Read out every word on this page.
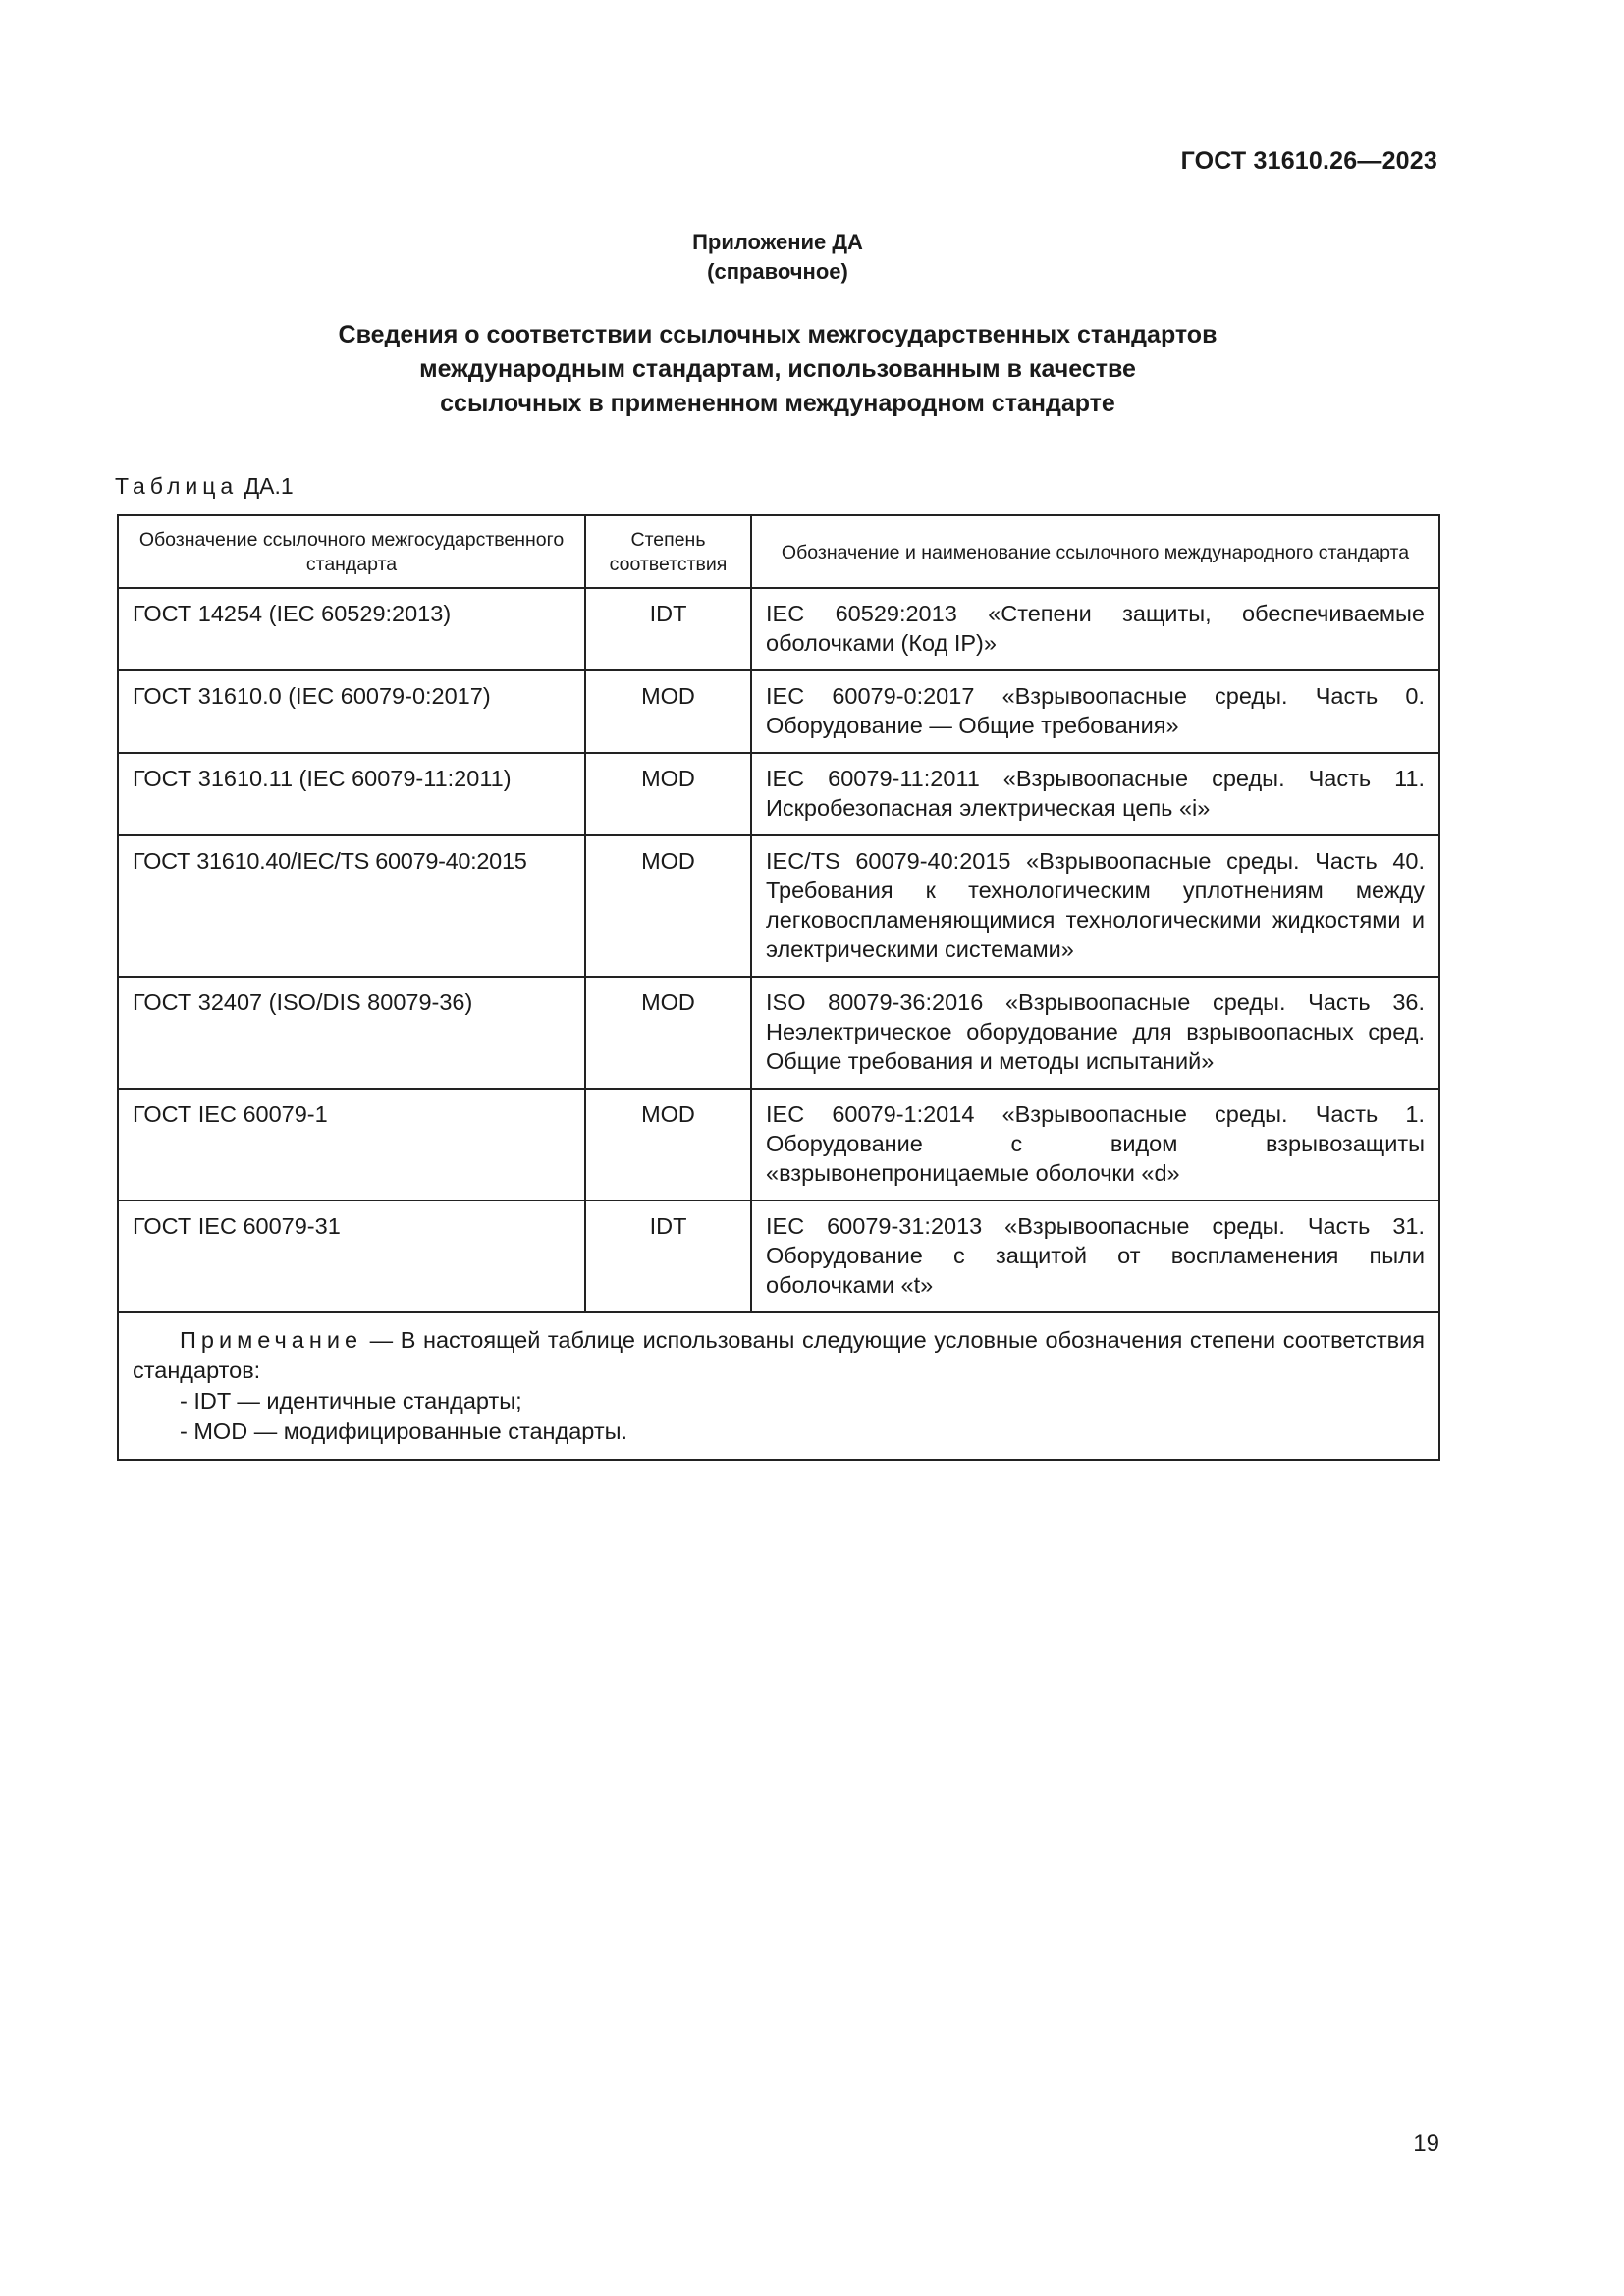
ГОСТ 31610.26—2023
Приложение ДА
(справочное)
Сведения о соответствии ссылочных межгосударственных стандартов
международным стандартам, использованным в качестве
ссылочных в примененном международном стандарте
Таблица ДА.1
Обозначение ссылочного межгосударственного стандарта	Степень соответствия	Обозначение и наименование ссылочного международного стандарта
ГОСТ 14254 (IEC 60529:2013)	IDT	IEC 60529:2013 «Степени защиты, обеспечиваемые оболочками (Код IP)»
ГОСТ 31610.0 (IEC 60079-0:2017)	MOD	IEC 60079-0:2017 «Взрывоопасные среды. Часть 0. Оборудование — Общие требования»
ГОСТ 31610.11 (IEC 60079-11:2011)	MOD	IEC 60079-11:2011 «Взрывоопасные среды. Часть 11. Искробезопасная электрическая цепь «i»
ГОСТ 31610.40/IEC/TS 60079-40:2015	MOD	IEC/TS 60079-40:2015 «Взрывоопасные среды. Часть 40. Требования к технологическим уплотнениям между легковоспламеняющимися технологическими жидкостями и электрическими системами»
ГОСТ 32407 (ISO/DIS 80079-36)	MOD	ISO 80079-36:2016 «Взрывоопасные среды. Часть 36. Неэлектрическое оборудование для взрывоопасных сред. Общие требования и методы испытаний»
ГОСТ IEC 60079-1	MOD	IEC 60079-1:2014 «Взрывоопасные среды. Часть 1. Оборудование с видом взрывозащиты «взрывонепроницаемые оболочки «d»
ГОСТ IEC 60079-31	IDT	IEC 60079-31:2013 «Взрывоопасные среды. Часть 31. Оборудование с защитой от воспламенения пыли оболочками «t»

Примечание — В настоящей таблице использованы следующие условные обозначения степени соответствия стандартов:
- IDT — идентичные стандарты;
- MOD — модифицированные стандарты.		
19
